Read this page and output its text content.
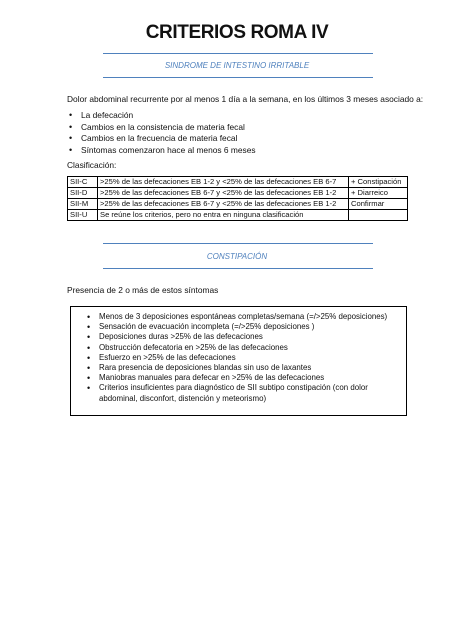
CRITERIOS ROMA IV
SINDROME DE INTESTINO IRRITABLE
Dolor abdominal recurrente por al menos 1 día a la semana, en los últimos 3 meses asociado a:
• La defecación
• Cambios en la consistencia de materia fecal
• Cambios en la frecuencia de materia fecal
• Síntomas comenzaron hace al menos 6 meses
Clasificación:
SII-C	>25% de las defecaciones EB 1-2 y <25% de las defecaciones EB 6-7	+ Constipación
SII-D	>25% de las defecaciones EB 6-7 y <25% de las defecaciones EB 1-2	+ Diarreico
SII-M	>25% de las defecaciones EB 6-7 y <25% de las defecaciones EB 1-2	Confirmar
SII-U	Se reúne los criterios, pero no entra en ninguna clasificación	
CONSTIPACIÓN
Presencia de 2 o más de estos síntomas
• Menos de 3 deposiciones espontáneas completas/semana (=/>25% deposiciones)
• Sensación de evacuación incompleta (=/>25% deposiciones )
• Deposiciones duras >25% de las defecaciones
• Obstrucción defecatoria en >25% de las defecaciones
• Esfuerzo en >25% de las defecaciones
• Rara presencia de deposiciones blandas sin uso de laxantes
• Maniobras manuales para defecar en >25% de las defecaciones
• Criterios insuficientes para diagnóstico de SII subtipo constipación (con dolor abdominal, disconfort, distención y meteorismo)
